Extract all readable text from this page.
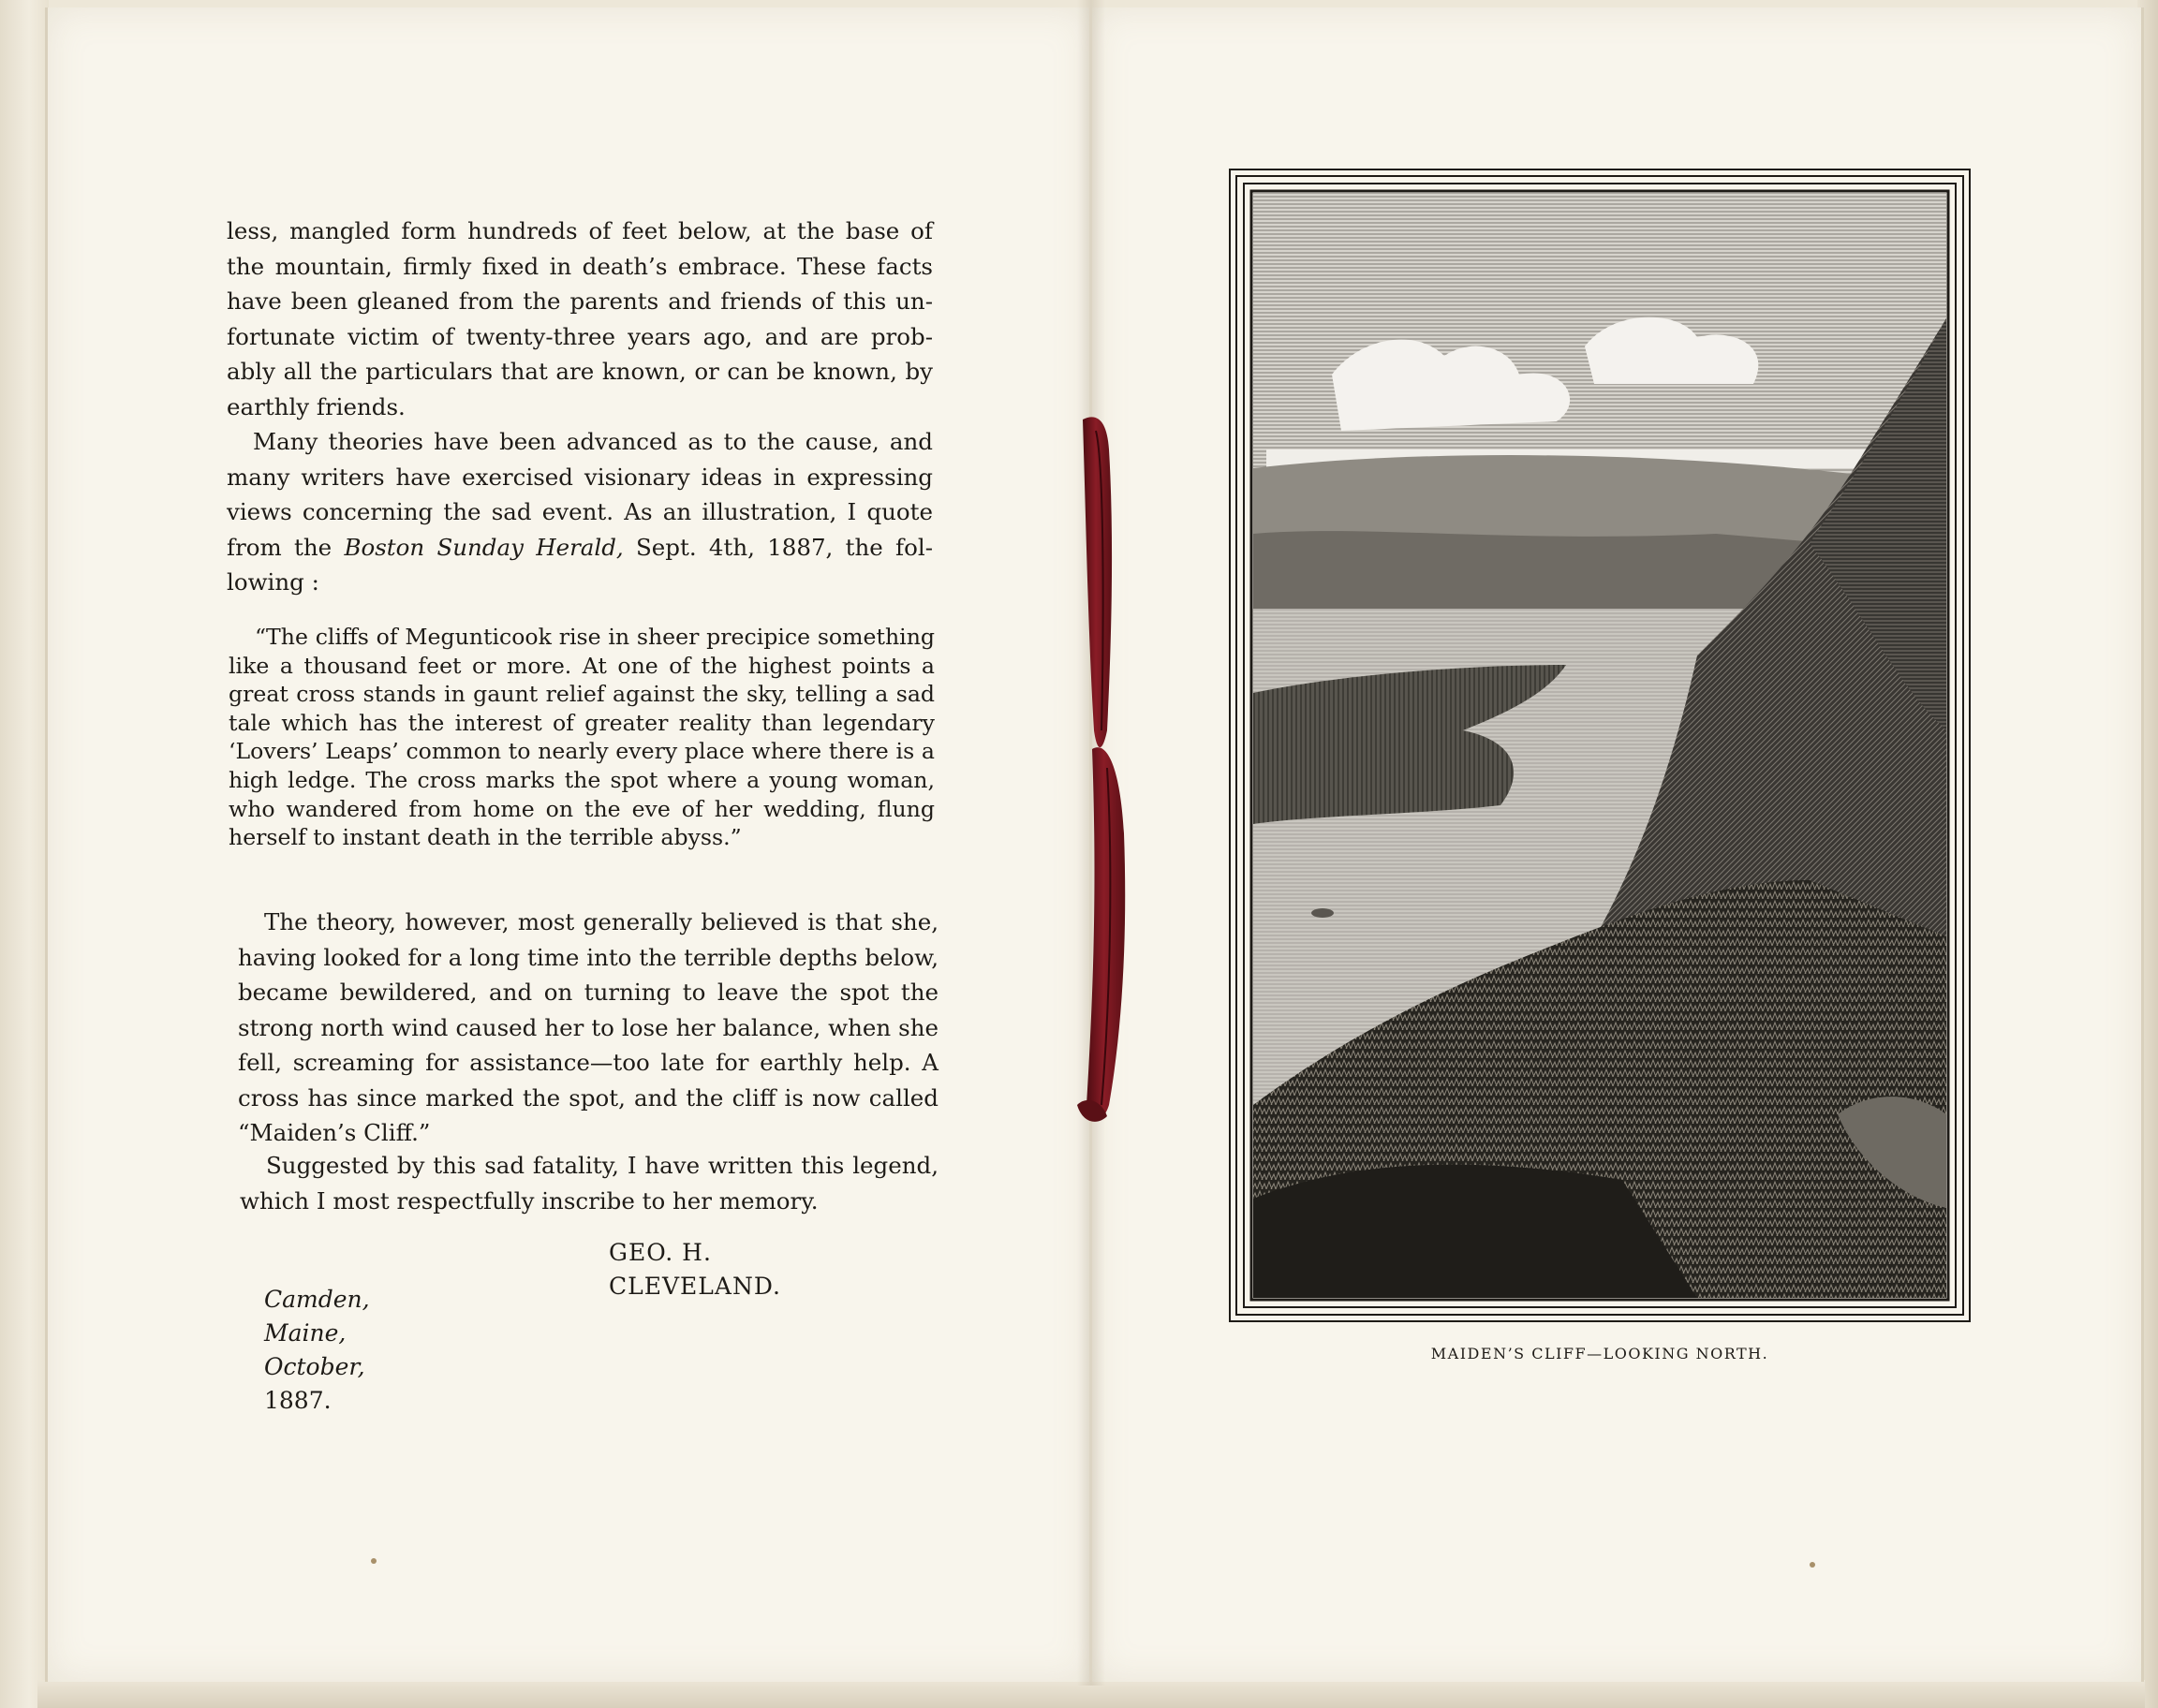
less, mangled form hundreds of feet below, at the base of the mountain, firmly fixed in death’s embrace. These facts have been gleaned from the parents and friends of this unfortunate victim of twenty-three years ago, and are probably all the particulars that are known, or can be known, by earthly friends.

Many theories have been advanced as to the cause, and many writers have exercised visionary ideas in expressing views concerning the sad event. As an illustration, I quote from the Boston Sunday Herald, Sept. 4th, 1887, the following :

“The cliffs of Megunticook rise in sheer precipice something like a thousand feet or more. At one of the highest points a great cross stands in gaunt relief against the sky, telling a sad tale which has the interest of greater reality than legendary ‘Lovers’ Leaps’ common to nearly every place where there is a high ledge. The cross marks the spot where a young woman, who wandered from home on the eve of her wedding, flung herself to instant death in the terrible abyss.”

The theory, however, most generally believed is that she, having looked for a long time into the terrible depths below, became bewildered, and on turning to leave the spot the strong north wind caused her to lose her balance, when she fell, screaming for assistance—too late for earthly help. A cross has since marked the spot, and the cliff is now called “Maiden’s Cliff.”

Suggested by this sad fatality, I have written this legend, which I most respectfully inscribe to her memory.

GEO. H. CLEVELAND.
Camden, Maine, October, 1887.
MAIDEN’S CLIFF—LOOKING NORTH.
